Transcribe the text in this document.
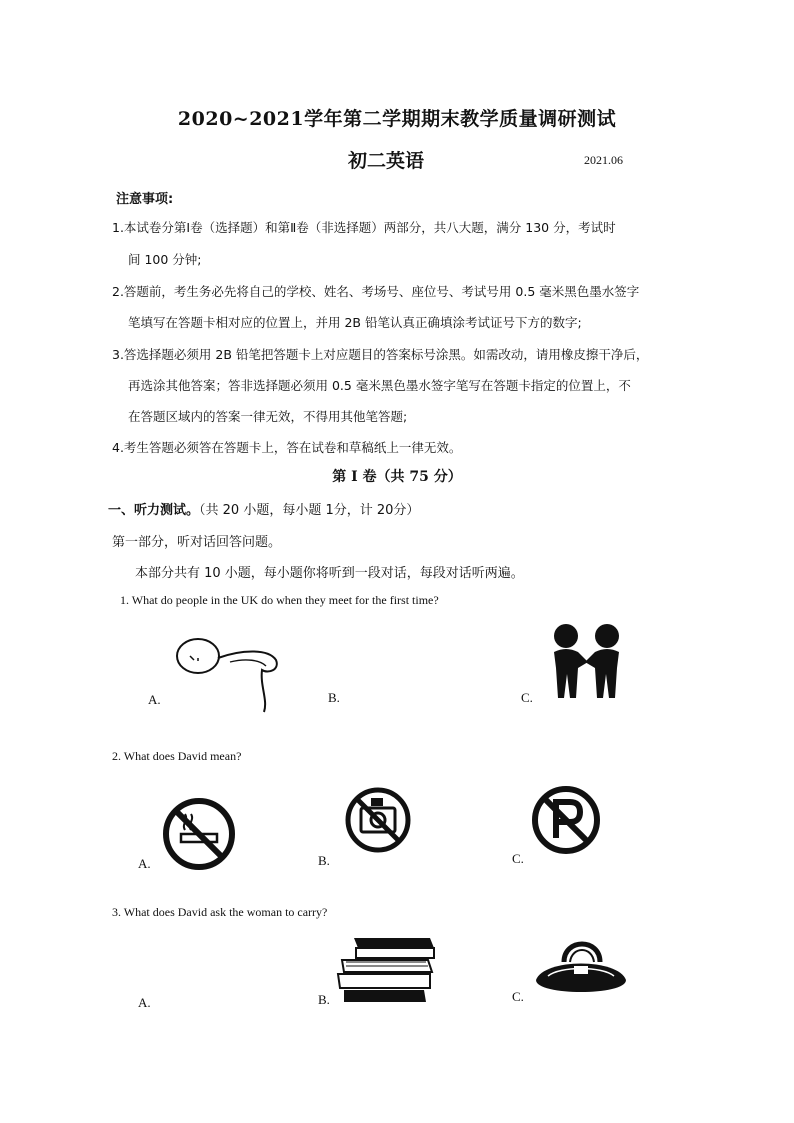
2020~2021学年第二学期期末教学质量调研测试
初二英语	2021.06
注意事项:
1.本试卷分第Ⅰ卷（选择题）和第Ⅱ卷（非选择题）两部分，共八大题，满分 130 分，考试时
间 100 分钟;
2.答题前，考生务必先将自己的学校、姓名、考场号、座位号、考试号用 0.5 毫米黑色墨水签字
笔填写在答题卡相对应的位置上，并用 2B 铅笔认真正确填涂考试证号下方的数字;
3.答选择题必须用 2B 铅笔把答题卡上对应题目的答案标号涂黑。如需改动，请用橡皮擦干净后，
再选涂其他答案；答非选择题必须用 0.5 毫米黑色墨水签字笔写在答题卡指定的位置上，不
在答题区域内的答案一律无效，不得用其他笔答题;
4.考生答题必须答在答题卡上，答在试卷和草稿纸上一律无效。
第 I 卷（共 75 分）
一、听力测试。（共 20 小题，每小题 1分，计 20分）
第一部分，听对话回答问题。
本部分共有 10 小题，每小题你将听到一段对话，每段对话听两遍。
1. What do people in the UK do when they meet for the first time?
A.	B.	C.
2. What does David mean?
A.	B.	C.
3. What does David ask the woman to carry?
A.	B.	C.
